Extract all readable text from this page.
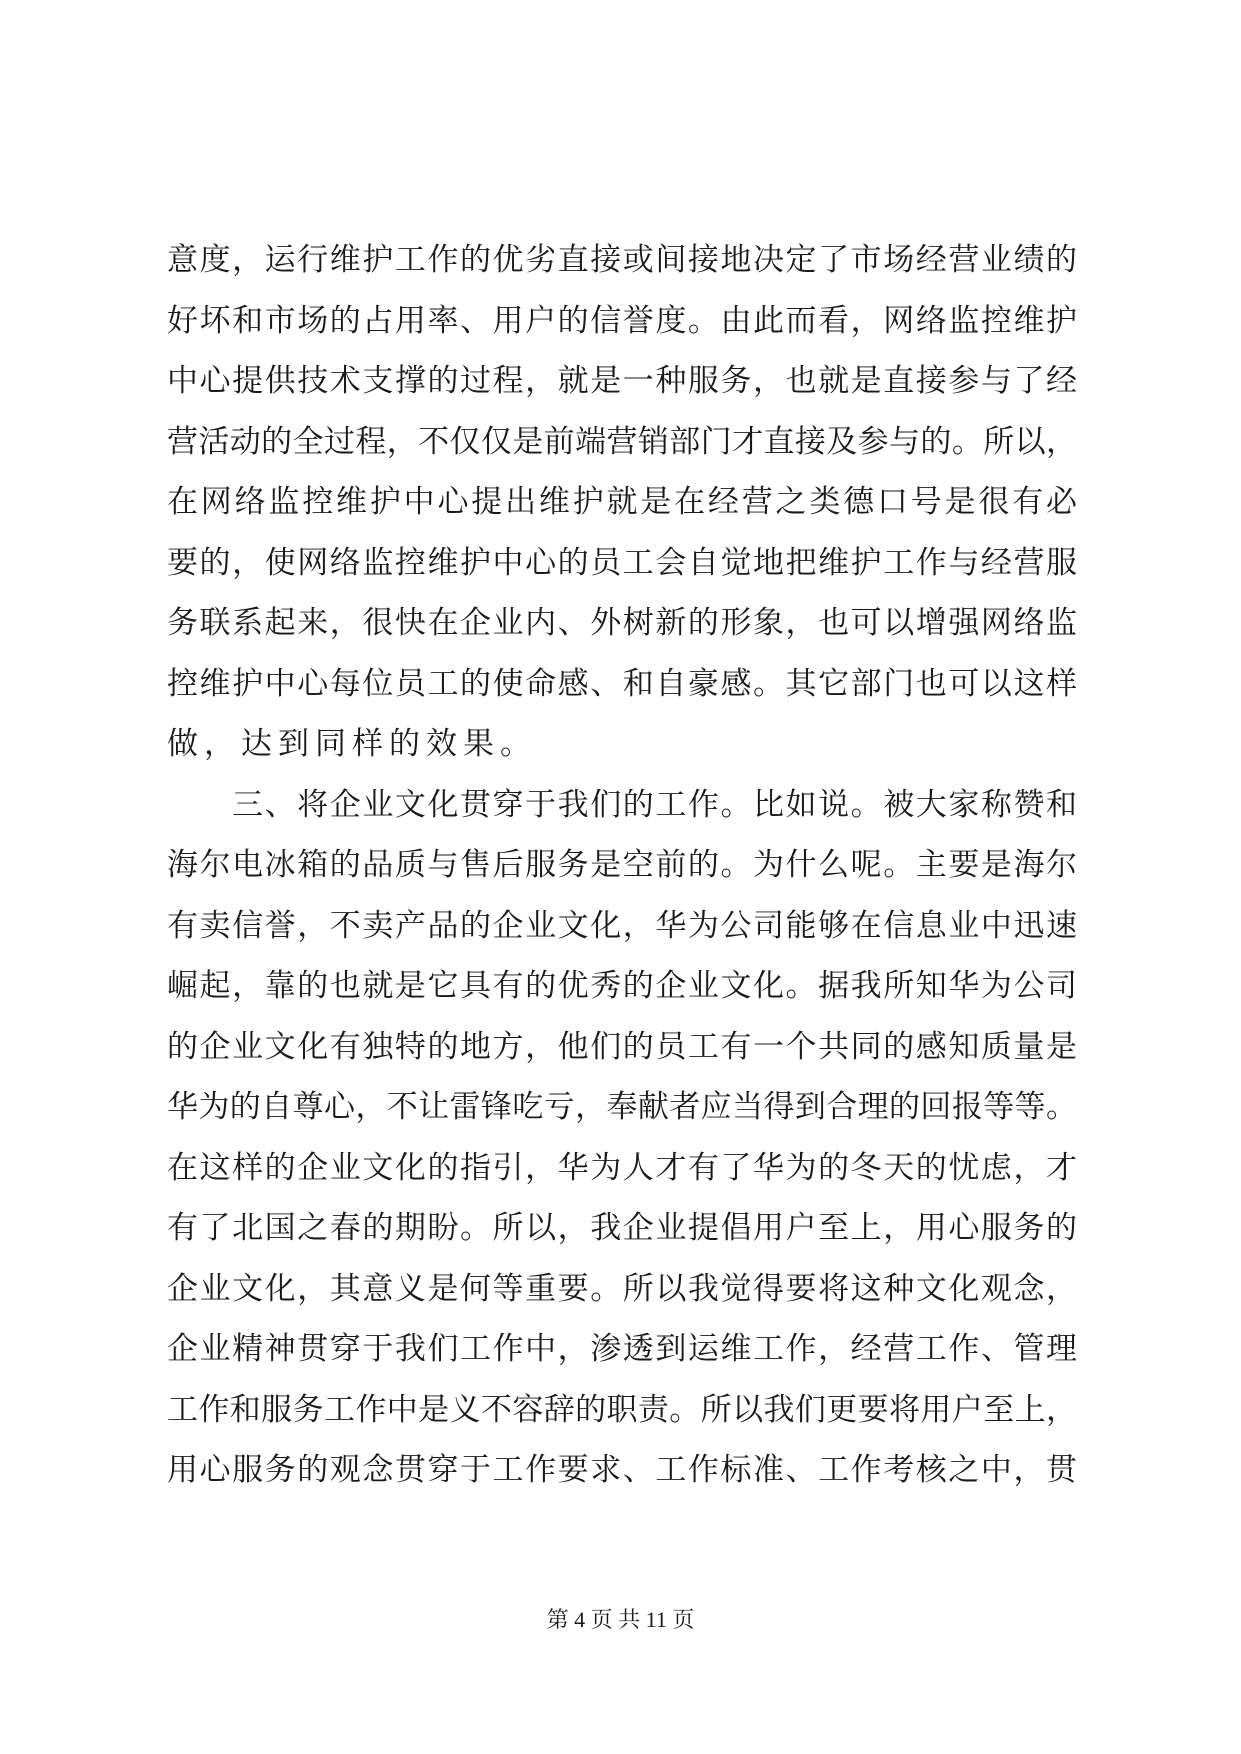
意度，运行维护工作的优劣直接或间接地决定了市场经营业绩的
好坏和市场的占用率、用户的信誉度。由此而看，网络监控维护
中心提供技术支撑的过程，就是一种服务，也就是直接参与了经
营活动的全过程，不仅仅是前端营销部门才直接及参与的。所以，
在网络监控维护中心提出维护就是在经营之类德口号是很有必
要的，使网络监控维护中心的员工会自觉地把维护工作与经营服
务联系起来，很快在企业内、外树新的形象，也可以增强网络监
控维护中心每位员工的使命感、和自豪感。其它部门也可以这样
做，达到同样的效果。
　　三、将企业文化贯穿于我们的工作。比如说。被大家称赞和
海尔电冰箱的品质与售后服务是空前的。为什么呢。主要是海尔
有卖信誉，不卖产品的企业文化，华为公司能够在信息业中迅速
崛起，靠的也就是它具有的优秀的企业文化。据我所知华为公司
的企业文化有独特的地方，他们的员工有一个共同的感知质量是
华为的自尊心，不让雷锋吃亏，奉献者应当得到合理的回报等等。
在这样的企业文化的指引，华为人才有了华为的冬天的忧虑，才
有了北国之春的期盼。所以，我企业提倡用户至上，用心服务的
企业文化，其意义是何等重要。所以我觉得要将这种文化观念，
企业精神贯穿于我们工作中，渗透到运维工作，经营工作、管理
工作和服务工作中是义不容辞的职责。所以我们更要将用户至上，
用心服务的观念贯穿于工作要求、工作标准、工作考核之中，贯
第 4 页 共 11 页
